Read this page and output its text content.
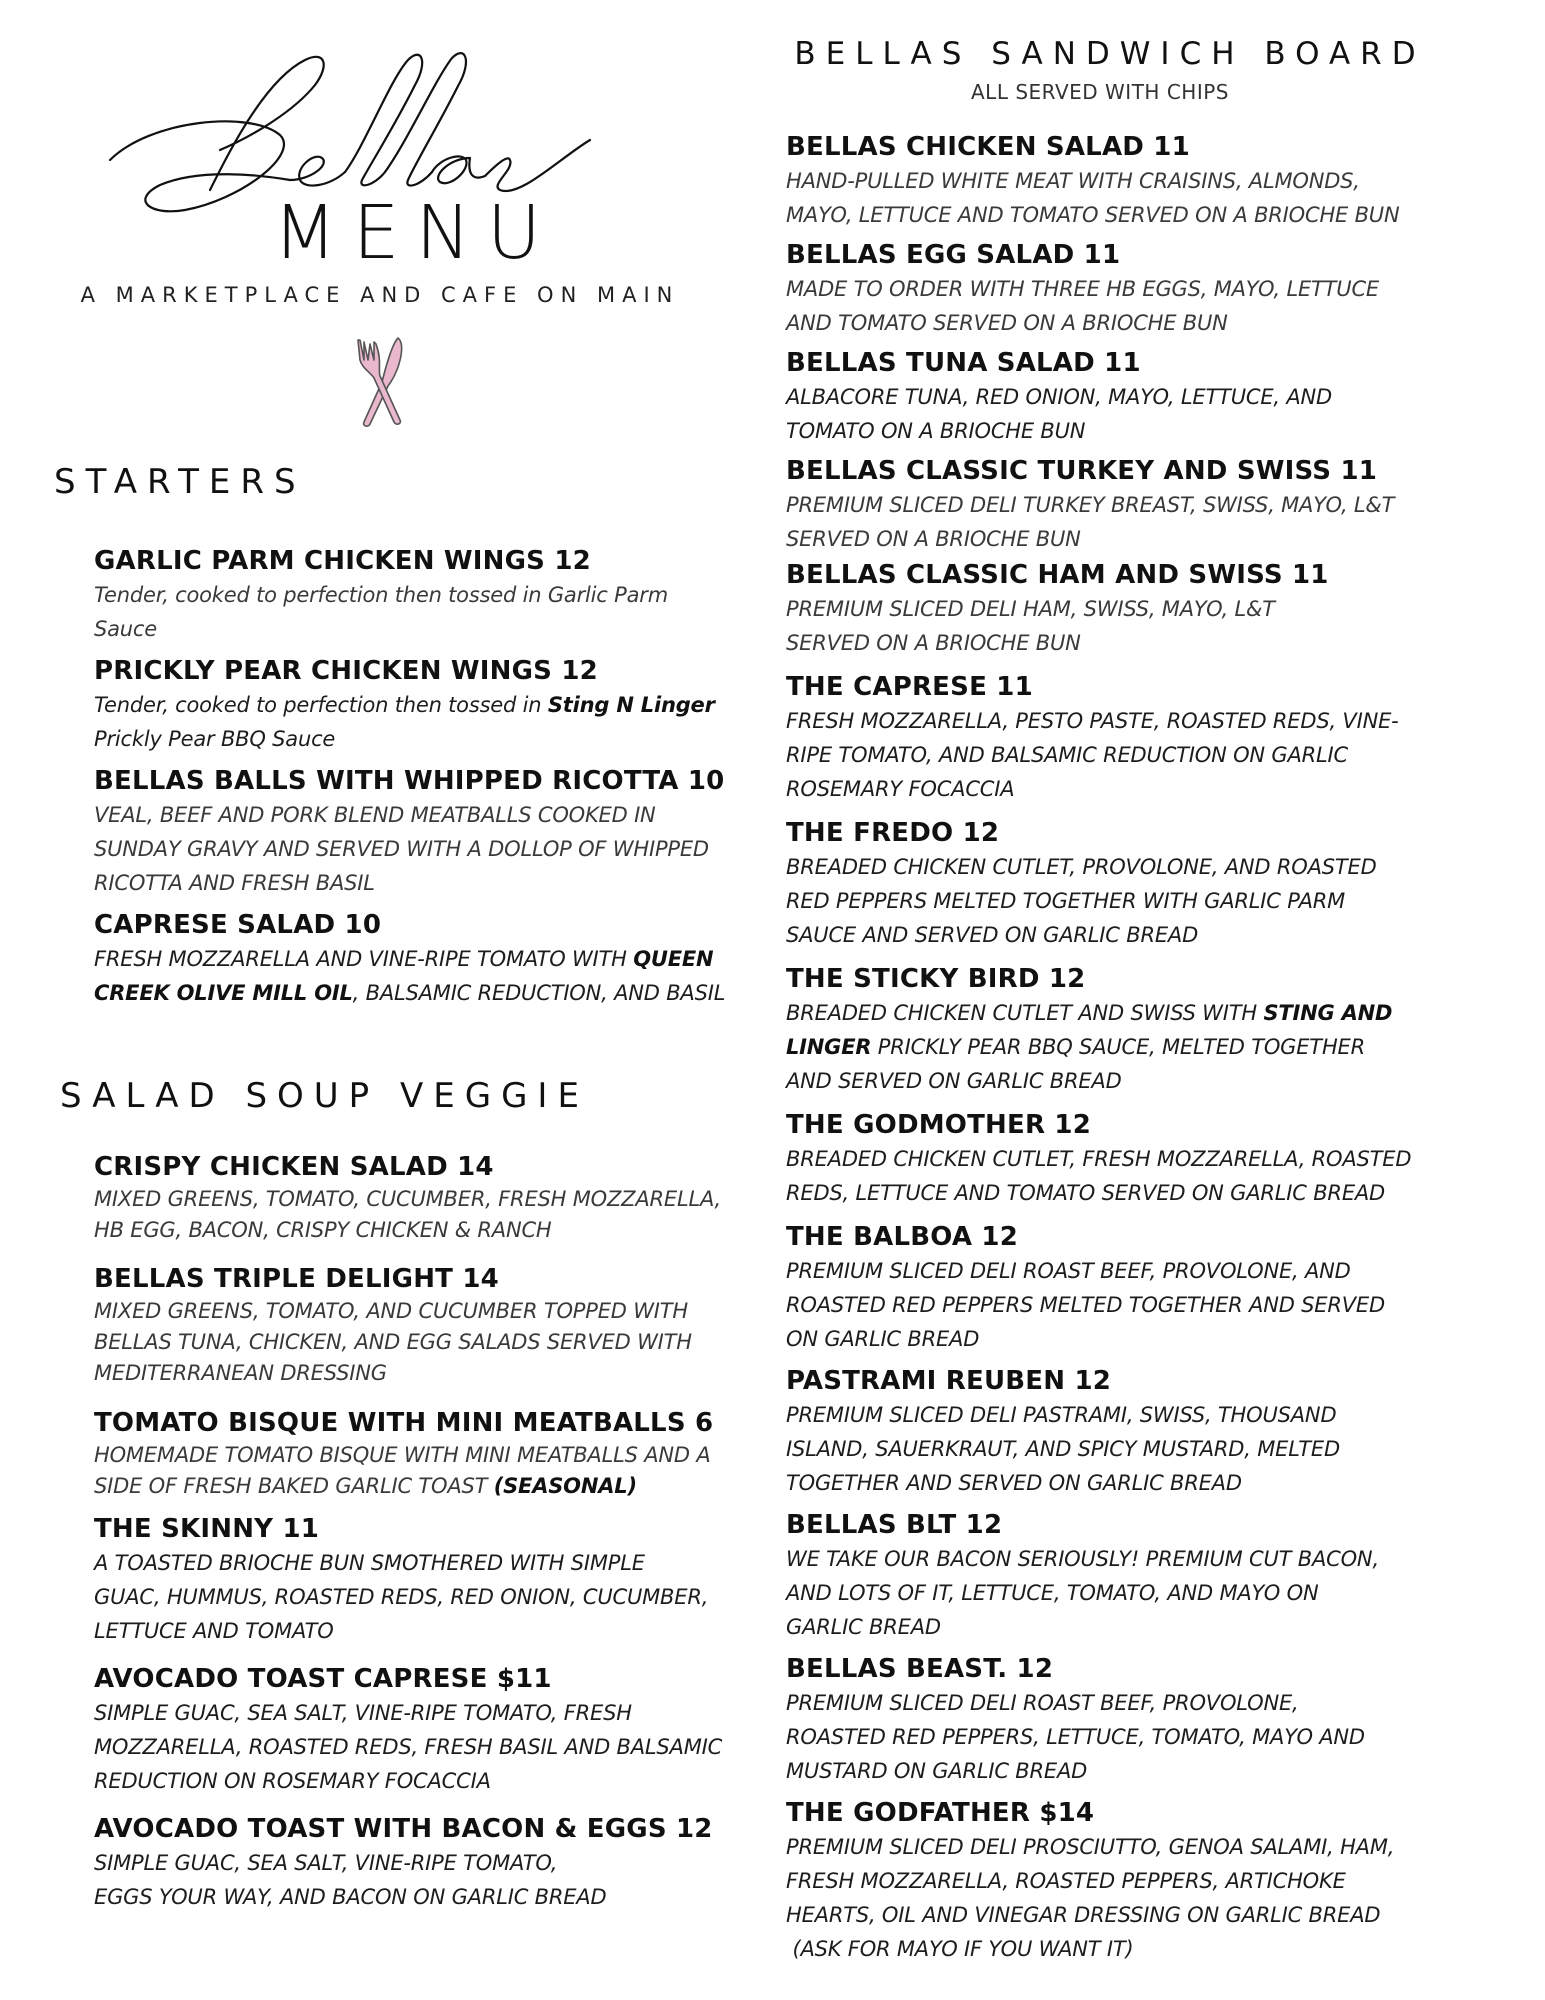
MENU
A MARKETPLACE AND CAFE ON MAIN
BELLAS SANDWICH BOARD
ALL SERVED WITH CHIPS
STARTERS
GARLIC PARM CHICKEN WINGS 12
Tender, cooked to perfection then tossed in Garlic Parm
Sauce
PRICKLY PEAR CHICKEN WINGS 12
Tender, cooked to perfection then tossed in Sting N Linger
Prickly Pear BBQ Sauce
BELLAS BALLS WITH WHIPPED RICOTTA 10
VEAL, BEEF AND PORK BLEND MEATBALLS COOKED IN
SUNDAY GRAVY AND SERVED WITH A DOLLOP OF WHIPPED
RICOTTA AND FRESH BASIL
CAPRESE SALAD 10
FRESH MOZZARELLA AND VINE-RIPE TOMATO WITH QUEEN
CREEK OLIVE MILL OIL, BALSAMIC REDUCTION, AND BASIL
SALAD SOUP VEGGIE
CRISPY CHICKEN SALAD 14
MIXED GREENS, TOMATO, CUCUMBER, FRESH MOZZARELLA,
HB EGG, BACON, CRISPY CHICKEN & RANCH
BELLAS TRIPLE DELIGHT 14
MIXED GREENS, TOMATO, AND CUCUMBER TOPPED WITH
BELLAS TUNA, CHICKEN, AND EGG SALADS SERVED WITH
MEDITERRANEAN DRESSING
TOMATO BISQUE WITH MINI MEATBALLS 6
HOMEMADE TOMATO BISQUE WITH MINI MEATBALLS AND A
SIDE OF FRESH BAKED GARLIC TOAST (SEASONAL)
THE SKINNY 11
A TOASTED BRIOCHE BUN SMOTHERED WITH SIMPLE
GUAC, HUMMUS, ROASTED REDS, RED ONION, CUCUMBER,
LETTUCE AND TOMATO
AVOCADO TOAST CAPRESE $11
SIMPLE GUAC, SEA SALT, VINE-RIPE TOMATO, FRESH
MOZZARELLA, ROASTED REDS, FRESH BASIL AND BALSAMIC
REDUCTION ON ROSEMARY FOCACCIA
AVOCADO TOAST WITH BACON & EGGS 12
SIMPLE GUAC, SEA SALT, VINE-RIPE TOMATO,
EGGS YOUR WAY, AND BACON ON GARLIC BREAD
BELLAS CHICKEN SALAD 11
HAND-PULLED WHITE MEAT WITH CRAISINS, ALMONDS,
MAYO, LETTUCE AND TOMATO SERVED ON A BRIOCHE BUN
BELLAS EGG SALAD 11
MADE TO ORDER WITH THREE HB EGGS, MAYO, LETTUCE
AND TOMATO SERVED ON A BRIOCHE BUN
BELLAS TUNA SALAD 11
ALBACORE TUNA, RED ONION, MAYO, LETTUCE, AND
TOMATO ON A BRIOCHE BUN
BELLAS CLASSIC TURKEY AND SWISS 11
PREMIUM SLICED DELI TURKEY BREAST, SWISS, MAYO, L&T
SERVED ON A BRIOCHE BUN
BELLAS CLASSIC HAM AND SWISS 11
PREMIUM SLICED DELI HAM, SWISS, MAYO, L&T
SERVED ON A BRIOCHE BUN
THE CAPRESE 11
FRESH MOZZARELLA, PESTO PASTE, ROASTED REDS, VINE-
RIPE TOMATO, AND BALSAMIC REDUCTION ON GARLIC
ROSEMARY FOCACCIA
THE FREDO 12
BREADED CHICKEN CUTLET, PROVOLONE, AND ROASTED
RED PEPPERS MELTED TOGETHER WITH GARLIC PARM
SAUCE AND SERVED ON GARLIC BREAD
THE STICKY BIRD 12
BREADED CHICKEN CUTLET AND SWISS WITH STING AND
LINGER PRICKLY PEAR BBQ SAUCE, MELTED TOGETHER
AND SERVED ON GARLIC BREAD
THE GODMOTHER 12
BREADED CHICKEN CUTLET, FRESH MOZZARELLA, ROASTED
REDS, LETTUCE AND TOMATO SERVED ON GARLIC BREAD
THE BALBOA 12
PREMIUM SLICED DELI ROAST BEEF, PROVOLONE, AND
ROASTED RED PEPPERS MELTED TOGETHER AND SERVED
ON GARLIC BREAD
PASTRAMI REUBEN 12
PREMIUM SLICED DELI PASTRAMI, SWISS, THOUSAND
ISLAND, SAUERKRAUT, AND SPICY MUSTARD, MELTED
TOGETHER AND SERVED ON GARLIC BREAD
BELLAS BLT 12
WE TAKE OUR BACON SERIOUSLY! PREMIUM CUT BACON,
AND LOTS OF IT, LETTUCE, TOMATO, AND MAYO ON
GARLIC BREAD
BELLAS BEAST. 12
PREMIUM SLICED DELI ROAST BEEF, PROVOLONE,
ROASTED RED PEPPERS, LETTUCE, TOMATO, MAYO AND
MUSTARD ON GARLIC BREAD
THE GODFATHER $14
PREMIUM SLICED DELI PROSCIUTTO, GENOA SALAMI, HAM,
FRESH MOZZARELLA, ROASTED PEPPERS, ARTICHOKE
HEARTS, OIL AND VINEGAR DRESSING ON GARLIC BREAD
(ASK FOR MAYO IF YOU WANT IT)
